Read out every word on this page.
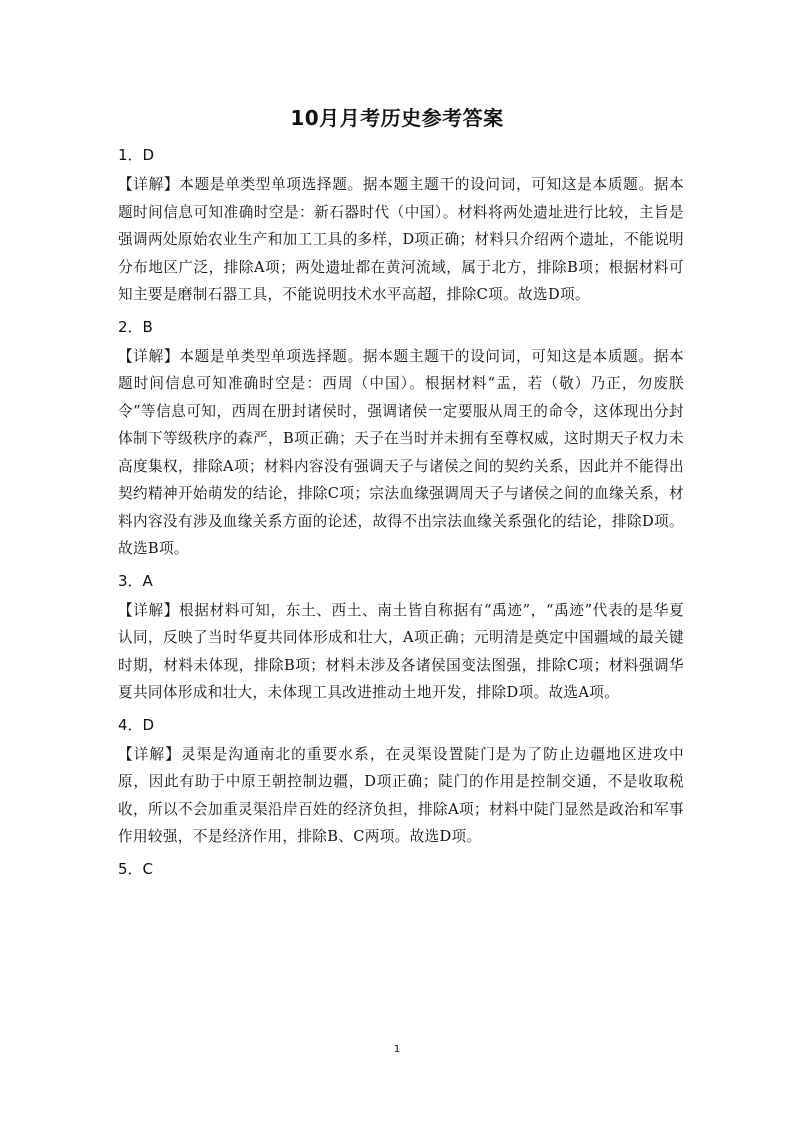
10月月考历史参考答案

1．D

【详解】本题是单类型单项选择题。据本题主题干的设问词，可知这是本质题。据本题时间信息可知准确时空是：新石器时代（中国）。材料将两处遗址进行比较，主旨是强调两处原始农业生产和加工工具的多样，D项正确；材料只介绍两个遗址，不能说明分布地区广泛，排除A项；两处遗址都在黄河流域，属于北方，排除B项；根据材料可知主要是磨制石器工具，不能说明技术水平高超，排除C项。故选D项。

2．B

【详解】本题是单类型单项选择题。据本题主题干的设问词，可知这是本质题。据本题时间信息可知准确时空是：西周（中国）。根据材料“盂，若（敬）乃正，勿废朕令”等信息可知，西周在册封诸侯时，强调诸侯一定要服从周王的命令，这体现出分封体制下等级秩序的森严，B项正确；天子在当时并未拥有至尊权威，这时期天子权力未高度集权，排除A项；材料内容没有强调天子与诸侯之间的契约关系，因此并不能得出契约精神开始萌发的结论，排除C项；宗法血缘强调周天子与诸侯之间的血缘关系，材料内容没有涉及血缘关系方面的论述，故得不出宗法血缘关系强化的结论，排除D项。故选B项。

3．A

【详解】根据材料可知，东土、西土、南土皆自称据有“禹迹”，“禹迹”代表的是华夏认同，反映了当时华夏共同体形成和壮大，A项正确；元明清是奠定中国疆域的最关键时期，材料未体现，排除B项；材料未涉及各诸侯国变法图强，排除C项；材料强调华夏共同体形成和壮大，未体现工具改进推动土地开发，排除D项。故选A项。

4．D

【详解】灵渠是沟通南北的重要水系，在灵渠设置陡门是为了防止边疆地区进攻中原，因此有助于中原王朝控制边疆，D项正确；陡门的作用是控制交通，不是收取税收，所以不会加重灵渠沿岸百姓的经济负担，排除A项；材料中陡门显然是政治和军事作用较强，不是经济作用，排除B、C两项。故选D项。

5．C

1
